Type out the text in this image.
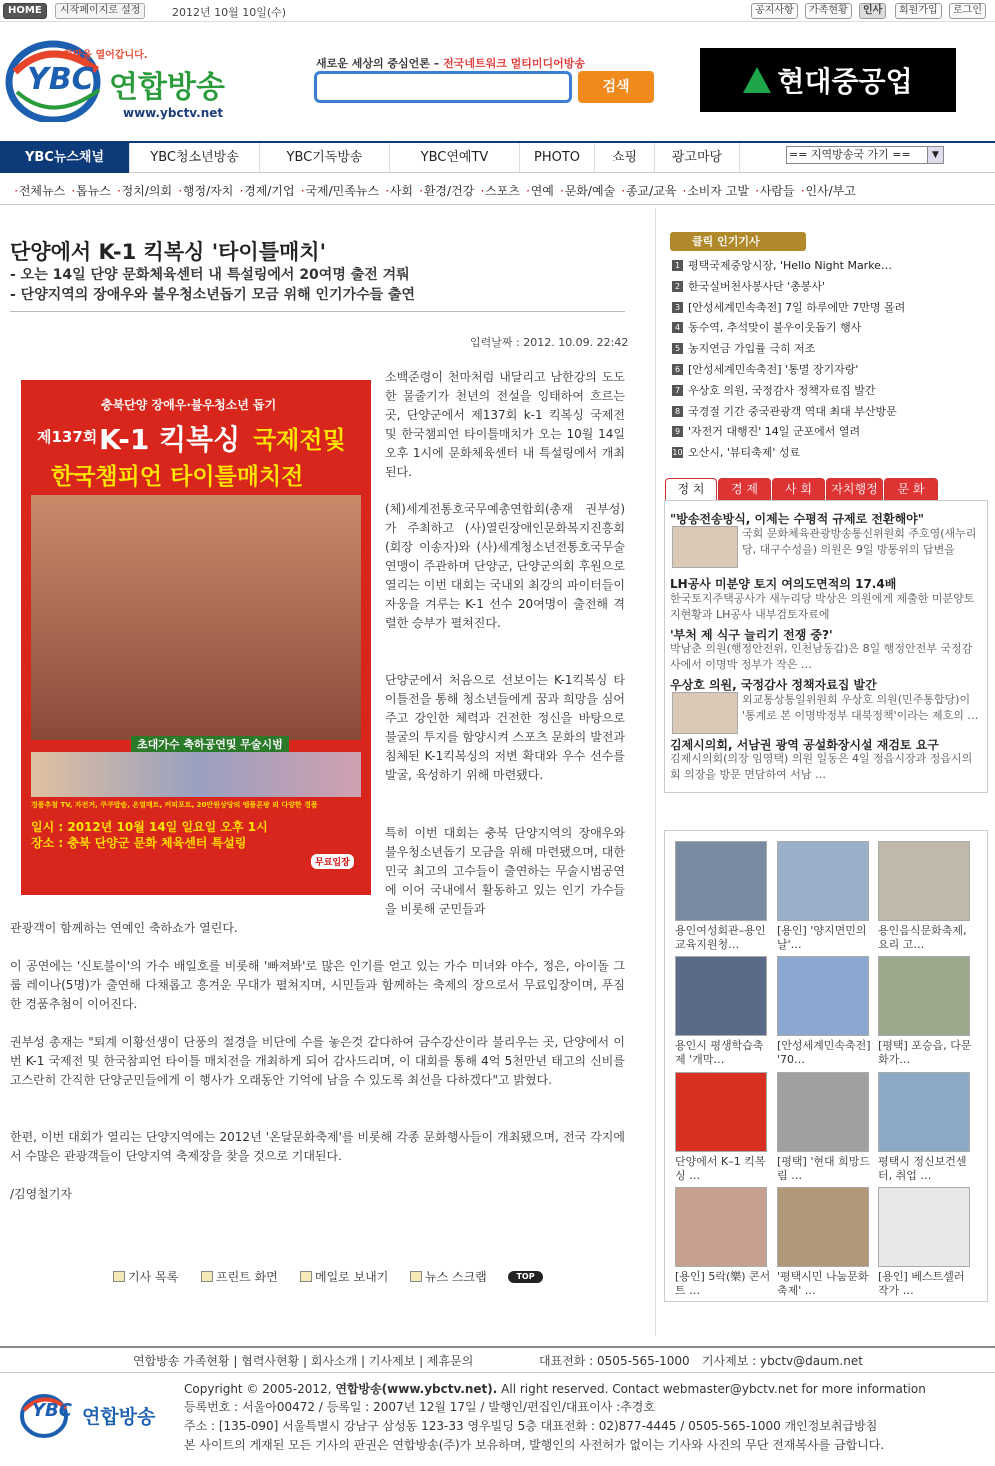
HOME	시작페이지로 설정	2012년 10월 10일(수)	공지사항	가족현황	인사	회원가입	로그인
YBC
희망을 열어갑니다.
연합방송
www.ybctv.net
새로운 세상의 중심언론 – 전국네트워크 멀티미디어방송
검색	현대중공업
YBC뉴스채널	YBC청소년방송	YBC기독방송	YBC연예TV	PHOTO	쇼핑	광고마당	== 지역방송국 가기 ==	▼
·전체뉴스 ·톱뉴스 ·정치/의회 ·행정/자치 ·경제/기업 ·국제/민족뉴스 ·사회 ·환경/건강 ·스포츠 ·연예 ·문화/예술 ·종교/교육 ·소비자 고발 ·사람들 ·인사/부고
단양에서 K-1 킥복싱 '타이틀매치'
- 오는 14일 단양 문화체육센터 내 특설링에서 20여명 출전 겨뤄
- 단양지역의 장애우와 불우청소년돕기 모금 위해 인기가수들 출연
입력날짜 : 2012. 10.09. 22:42
충북단양 장애우·불우청소년 돕기
제137회 K-1 킥복싱 국제전및
한국챔피언 타이틀매치전
초대가수 축하공연및 무술시범
경품추첨 TV, 자전거, 쿠쿠밥솥, 온열매트, 커피포트, 20만원상당의 엠플론팡 외 다양한 경품
일시 : 2012년 10월 14일 일요일 오후 1시
장소 : 충북 단양군 문화 체육센터 특설링
무료입장
소백준령이 천마처럼 내달리고 남한강의 도도한 물줄기가 천년의 전설을 잉태하여 흐르는 곳, 단양군에서 제137회 k-1 킥복싱 국제전 및 한국챔피언 타이틀매치가 오는 10월 14일 오후 1시에 문화체육센터 내 특설링에서 개최된다.
(체)세계전통호국무예총연합회(총재 권부성)가 주최하고 (사)열린장애인문화복지진흥회(회장 이송자)와 (사)세계청소년전통호국무술연맹이 주관하며 단양군, 단양군의회 후원으로 열리는 이번 대회는 국내외 최강의 파이터들이 자웅을 겨루는 K-1 선수 20여명이 출전해 격렬한 승부가 펼쳐진다.
단양군에서 처음으로 선보이는 K-1킥복싱 타이틀전을 통해 청소년들에게 꿈과 희망을 심어주고 강인한 체력과 건전한 정신을 바탕으로 불굴의 투지를 함양시켜 스포츠 문화의 발전과 침체된 K-1킥복싱의 저변 확대와 우수 선수를 발굴, 육성하기 위해 마련됐다.
특히 이번 대회는 충북 단양지역의 장애우와 불우청소년돕기 모금을 위해 마련됐으며, 대한민국 최고의 고수들이 출연하는 무술시범공연에 이어 국내에서 활동하고 있는 인기 가수들을 비롯해 군민들과
관광객이 함께하는 연예인 축하쇼가 열린다.
이 공연에는 '신토불이'의 가수 배일호를 비롯해 '빠져봐'로 많은 인기를 얻고 있는 가수 미녀와 야수, 정은, 아이돌 그룹 레이나(5명)가 출연해 다채롭고 흥겨운 무대가 펼쳐지며, 시민들과 함께하는 축제의 장으로서 무료입장이며, 푸짐한 경품추첨이 이어진다.
권부성 총재는 "퇴계 이황선생이 단풍의 절경을 비단에 수를 놓은것 같다하여 금수강산이라 불리우는 곳, 단양에서 이번 K-1 국제전 및 한국참피언 타이틀 매치전을 개최하게 되어 감사드리며, 이 대회를 통해 4억 5천만년 태고의 신비를 고스란히 간직한 단양군민들에게 이 행사가 오래동안 기억에 남을 수 있도록 최선을 다하겠다"고 밝혔다.
한편, 이번 대회가 열리는 단양지역에는 2012년 '온달문화축제'를 비롯해 각종 문화행사들이 개최됐으며, 전국 각지에서 수많은 관광객들이 단양지역 축제장을 찾을 것으로 기대된다.
/김영철기자
기사 목록	프린트 화면	메일로 보내기	뉴스 스크랩	TOP
클릭 인기기사
1 평택국제중앙시장, 'Hello Night Marke…
2 한국실버천사봉사단 '총봉사'
3 [안성세계민속축전] 7일 하루에만 7만명 몰려
4 동수역, 추석맞이 불우이웃돕기 행사
5 농지연금 가입률 극히 저조
6 [안성세계민속축전] '통멸 장기자랑'
7 우상호 의원, 국정감사 정책자료집 발간
8 국경절 기간 중국관광객 역대 최대 부산방문
9 '자전거 대행진' 14일 군포에서 열려
10 오산시, '뷰티축제' 성료
정 치	경 제	사 회	자치행정	문 화
"방송전송방식, 이제는 수평적 규제로 전환해야"
국회 문화체육관광방송통신위원회 주호영(새누리당, 대구수성을) 의원은 9일 방통위의 답변을
LH공사 미분양 토지 여의도면적의 17.4배
한국토지주택공사가 새누리당 박상은 의원에게 제출한 미분양토지현황과 LH공사 내부검토자료에
'부처 제 식구 늘리기 전쟁 중?'
박남춘 의원(행정안전위, 인천남동갑)은 8일 행정안전부 국정감사에서 이명박 정부가 작은 …
우상호 의원, 국정감사 정책자료집 발간
외교통상통일위원회 우상호 의원(민주통합당)이 '통계로 본 이명박정부 대북정책'이라는 제호의 …
김제시의회, 서남권 광역 공설화장시설 재검토 요구
김제시의회(의장 임영택) 의원 일동은 4일 정읍시장과 정읍시의회 의장을 방문 면담하여 서남 …
용인여성회관–용인교육지원청…
[용인] '양지면민의 날'…
용인음식문화축제, 요리 고…
용인시 평생학습축제 '개막…
[안성세계민속축전] '70…
[평택] 포승읍, 다문화가…
단양에서 K–1 킥복싱 …
[평택] '현대 희망드림 …
평택시 정신보건센터, 취업 …
[용인] 5락(樂) 콘서트 …
'평택시민 나눔문화축제' …
[용인] 베스트셀러 작가 …
연합방송 가족현황 | 협력사현황 | 회사소개 | 기사제보 | 제휴문의	대표전화 : 0505-565-1000 기사제보 : ybctv@daum.net
YBC 연합방송
Copyright © 2005-2012, 연합방송(www.ybctv.net). All right reserved. Contact webmaster@ybctv.net for more information
등록번호 : 서울아00472 / 등록일 : 2007년 12월 17일 / 발행인/편집인/대표이사 :추경호
주소 : [135-090] 서울특별시 강남구 삼성동 123-33 영우빌딩 5층 대표전화 : 02)877-4445 / 0505-565-1000 개인정보취급방침
본 사이트의 게재된 모든 기사의 판권은 연합방송(주)가 보유하며, 발행인의 사전허가 없이는 기사와 사진의 무단 전재복사를 금합니다.
